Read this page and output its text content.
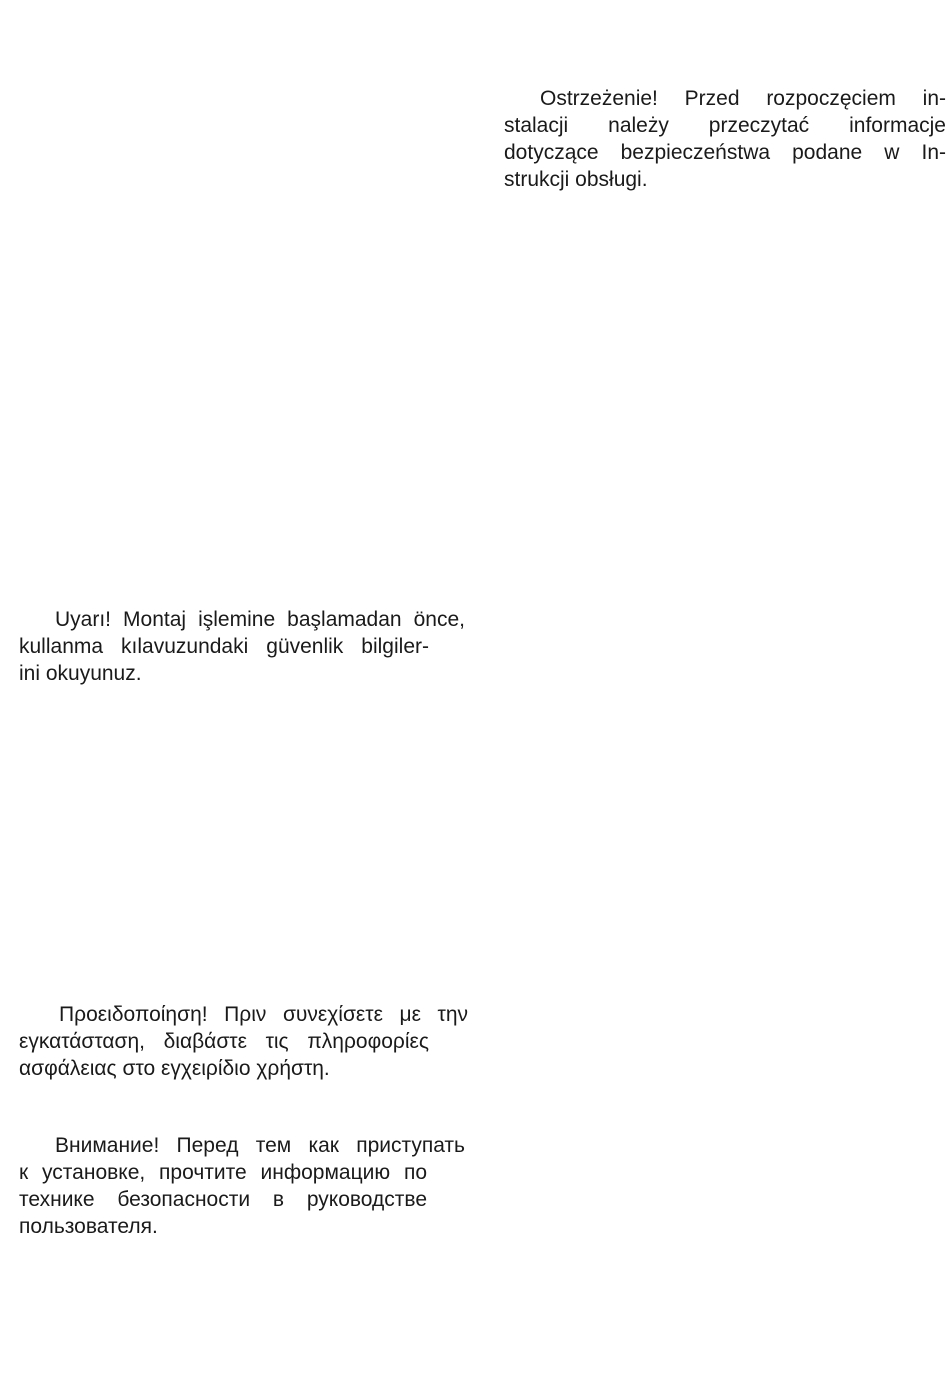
Ostrzeżenie! Przed rozpoczęciem in-
stalacji należy przeczytać informacje
dotyczące bezpieczeństwa podane w In-
strukcji obsługi.
Uyarı! Montaj işlemine başlamadan önce,
kullanma kılavuzundaki güvenlik bilgiler-
ini okuyunuz.
Προειδοποίηση! Πριν συνεχίσετε με την
εγκατάσταση, διαβάστε τις πληροφορίες
ασφάλειας στο εγχειρίδιο χρήστη.
Внимание! Перед тем как приступать
к установке, прочтите информацию по
технике безопасности в руководстве
пользователя.
